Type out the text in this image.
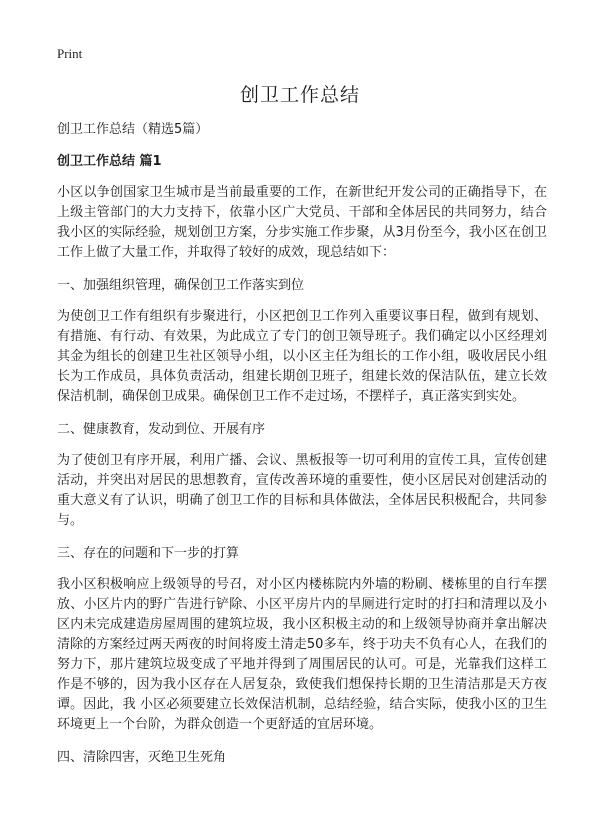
Print
创卫工作总结

创卫工作总结（精选5篇）

创卫工作总结 篇1

小区以争创国家卫生城市是当前最重要的工作，在新世纪开发公司的正确指导下，在上级主管部门的大力支持下，依靠小区广大党员、干部和全体居民的共同努力，结合我小区的实际经验，规划创卫方案，分步实施工作步聚，从3月份至今，我小区在创卫工作上做了大量工作，并取得了较好的成效，现总结如下：

一、加强组织管理，确保创卫工作落实到位

为使创卫工作有组织有步聚进行，小区把创卫工作列入重要议事日程，做到有规划、有措施、有行动、有效果，为此成立了专门的创卫领导班子。我们确定以小区经理刘其金为组长的创建卫生社区领导小组，以小区主任为组长的工作小组，吸收居民小组长为工作成员，具体负责活动，组建长期创卫班子，组建长效的保洁队伍，建立长效保洁机制，确保创卫成果。确保创卫工作不走过场，不摆样子，真正落实到实处。

二、健康教育，发动到位、开展有序

为了使创卫有序开展，利用广播、会议、黑板报等一切可利用的宣传工具，宣传创建活动，并突出对居民的思想教育，宣传改善环境的重要性，使小区居民对创建活动的重大意义有了认识，明确了创卫工作的目标和具体做法，全体居民积极配合，共同参与。

三、存在的问题和下一步的打算

我小区积极响应上级领导的号召，对小区内楼栋院内外墙的粉刷、楼栋里的自行车摆放、小区片内的野广告进行铲除、小区平房片内的旱厕进行定时的打扫和清理以及小区内未完成建造房屋周围的建筑垃圾，我小区积极主动的和上级领导协商并拿出解决清除的方案经过两天两夜的时间将废土清走50多车，终于功夫不负有心人，在我们的努力下，那片建筑垃圾变成了平地并得到了周围居民的认可。可是，光靠我们这样工作是不够的，因为我小区存在人居复杂，致使我们想保持长期的卫生清洁那是天方夜谭。因此，我 小区必须要建立长效保洁机制，总结经验，结合实际，使我小区的卫生环境更上一个台阶，为群众创造一个更舒适的宜居环境。

四、清除四害，灭绝卫生死角
